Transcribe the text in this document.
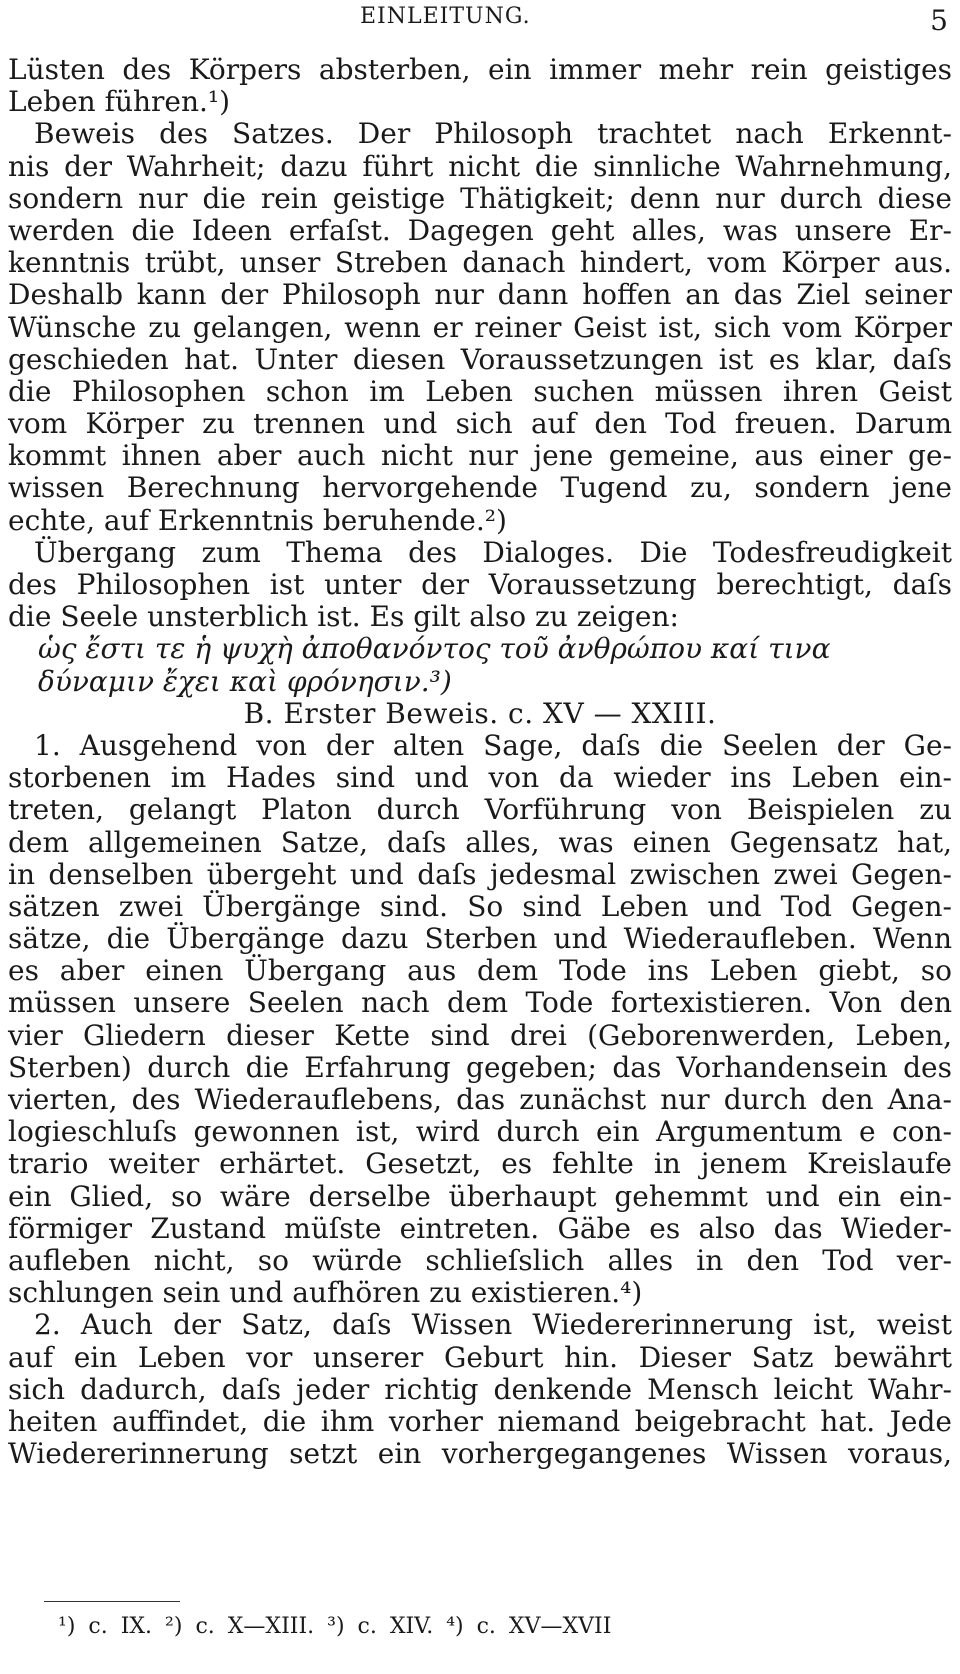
EINLEITUNG.	5
Lüsten des Körpers absterben, ein immer mehr rein geistiges
Leben führen.¹)
Beweis des Satzes. Der Philosoph trachtet nach Erkennt-
nis der Wahrheit; dazu führt nicht die sinnliche Wahrnehmung,
sondern nur die rein geistige Thätigkeit; denn nur durch diese
werden die Ideen erfaſst. Dagegen geht alles, was unsere Er-
kenntnis trübt, unser Streben danach hindert, vom Körper aus.
Deshalb kann der Philosoph nur dann hoffen an das Ziel seiner
Wünsche zu gelangen, wenn er reiner Geist ist, sich vom Körper
geschieden hat. Unter diesen Voraussetzungen ist es klar, daſs
die Philosophen schon im Leben suchen müssen ihren Geist
vom Körper zu trennen und sich auf den Tod freuen. Darum
kommt ihnen aber auch nicht nur jene gemeine, aus einer ge-
wissen Berechnung hervorgehende Tugend zu, sondern jene
echte, auf Erkenntnis beruhende.²)
Übergang zum Thema des Dialoges. Die Todesfreudigkeit
des Philosophen ist unter der Voraussetzung berechtigt, daſs
die Seele unsterblich ist. Es gilt also zu zeigen:
ὡς ἔστι τε ἡ ψυχὴ ἀποθανόντος τοῦ ἀνθρώπου καί τινα
δύναμιν ἔχει καὶ φρόνησιν.³)
B. Erster Beweis. c. XV — XXIII.
1. Ausgehend von der alten Sage, daſs die Seelen der Ge-
storbenen im Hades sind und von da wieder ins Leben ein-
treten, gelangt Platon durch Vorführung von Beispielen zu
dem allgemeinen Satze, daſs alles, was einen Gegensatz hat,
in denselben übergeht und daſs jedesmal zwischen zwei Gegen-
sätzen zwei Übergänge sind. So sind Leben und Tod Gegen-
sätze, die Übergänge dazu Sterben und Wiederaufleben. Wenn
es aber einen Übergang aus dem Tode ins Leben giebt, so
müssen unsere Seelen nach dem Tode fortexistieren. Von den
vier Gliedern dieser Kette sind drei (Geborenwerden, Leben,
Sterben) durch die Erfahrung gegeben; das Vorhandensein des
vierten, des Wiederauflebens, das zunächst nur durch den Ana-
logieschluſs gewonnen ist, wird durch ein Argumentum e con-
trario weiter erhärtet. Gesetzt, es fehlte in jenem Kreislaufe
ein Glied, so wäre derselbe überhaupt gehemmt und ein ein-
förmiger Zustand müſste eintreten. Gäbe es also das Wieder-
aufleben nicht, so würde schlieſslich alles in den Tod ver-
schlungen sein und aufhören zu existieren.⁴)
2. Auch der Satz, daſs Wissen Wiedererinnerung ist, weist
auf ein Leben vor unserer Geburt hin. Dieser Satz bewährt
sich dadurch, daſs jeder richtig denkende Mensch leicht Wahr-
heiten auffindet, die ihm vorher niemand beigebracht hat. Jede
Wiedererinnerung setzt ein vorhergegangenes Wissen voraus,
¹) c. IX. ²) c. X—XIII. ³) c. XIV. ⁴) c. XV—XVII
